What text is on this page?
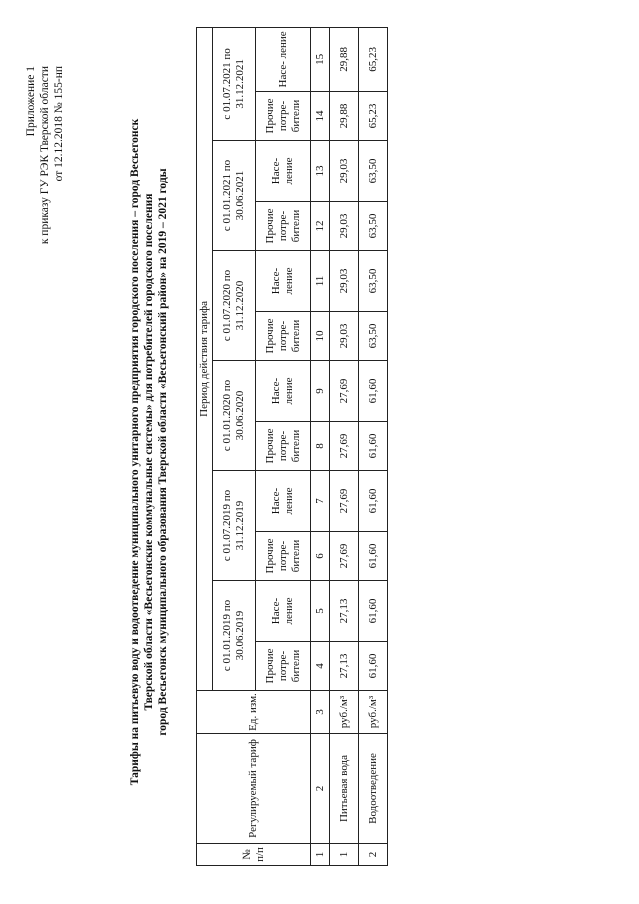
Приложение 1 к приказу ГУ РЭК Тверской области от 12.12.2018 № 155-нп	Тарифы на питьевую воду и водоотведение муниципального унитарного предприятия городского поселения – город Весьегонск Тверской области «Весьегонские коммунальные системы» для потребителей городского поселения город Весьегонск муниципального образования Тверской области «Весьегонский район» на 2019 – 2021 годы
№ п/п	Регулируемый тариф	Ед. изм.	Период действия тарифа											
			с 01.01.2019 по 30.06.2019		с 01.07.2019 по 31.12.2019		с 01.01.2020 по 30.06.2020		с 01.07.2020 по 31.12.2020		с 01.01.2021 по 30.06.2021		с 01.07.2021 по 31.12.2021	
			Прочие потре- бители	Насе- ление	Прочие потре- бители	Насе- ление	Прочие потре- бители	Насе- ление	Прочие потре- бители	Насе- ление	Прочие потре- бители	Насе- ление	Прочие потре- бители	Насе- ление
1	2	3	4	5	6	7	8	9	10	11	12	13	14	15
1	Питьевая вода	руб./м³	27,13	27,13	27,69	27,69	27,69	27,69	29,03	29,03	29,03	29,03	29,88	29,88
2	Водоотведение	руб./м³	61,60	61,60	61,60	61,60	61,60	61,60	63,50	63,50	63,50	63,50	65,23	65,23
